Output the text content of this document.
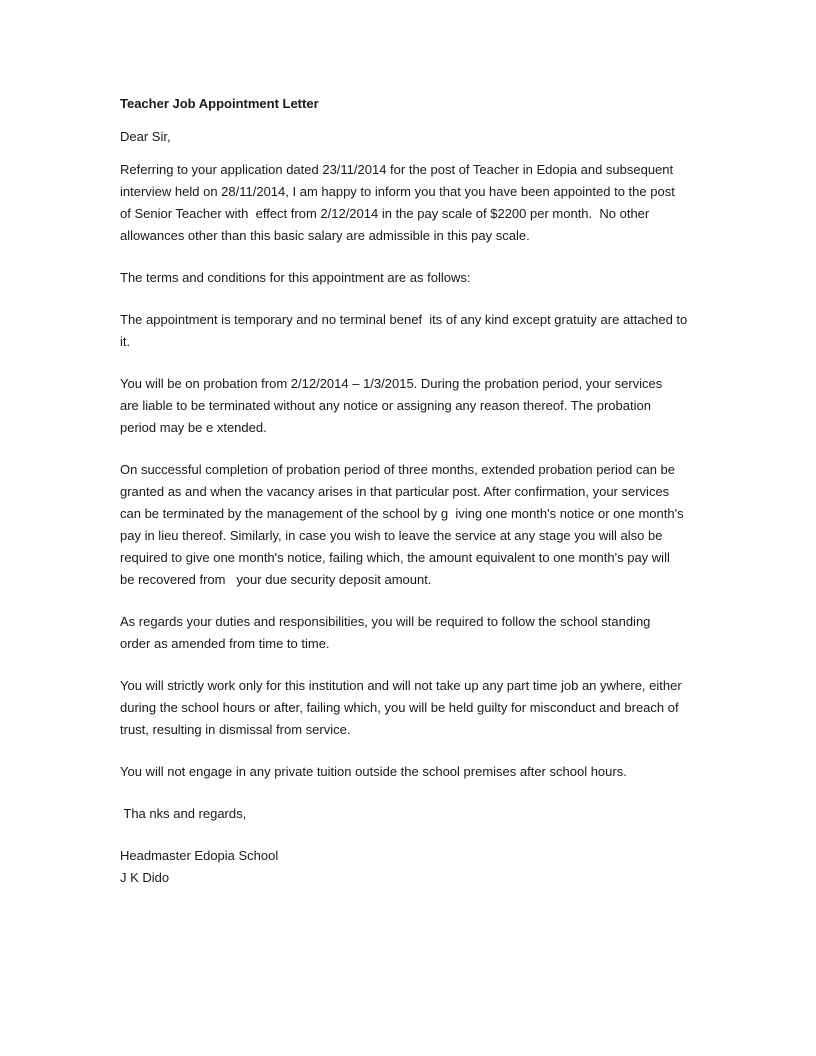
Teacher Job Appointment Letter
Dear Sir,
Referring to your application dated 23/11/2014 for the post of Teacher in Edopia and subsequent
interview held on 28/11/2014, I am happy to inform you that you have been appointed to the post
of Senior Teacher with  effect from 2/12/2014 in the pay scale of $2200 per month.  No other
allowances other than this basic salary are admissible in this pay scale.
The terms and conditions for this appointment are as follows:
The appointment is temporary and no terminal benef  its of any kind except gratuity are attached to
it.
You will be on probation from 2/12/2014 – 1/3/2015. During the probation period, your services
are liable to be terminated without any notice or assigning any reason thereof. The probation
period may be e xtended.
On successful completion of probation period of three months, extended probation period can be
granted as and when the vacancy arises in that particular post. After confirmation, your services
can be terminated by the management of the school by g  iving one month's notice or one month's
pay in lieu thereof. Similarly, in case you wish to leave the service at any stage you will also be
required to give one month's notice, failing which, the amount equivalent to one month's pay will
be recovered from   your due security deposit amount.
As regards your duties and responsibilities, you will be required to follow the school standing
order as amended from time to time.
You will strictly work only for this institution and will not take up any part time job an ywhere, either
during the school hours or after, failing which, you will be held guilty for misconduct and breach of
trust, resulting in dismissal from service.
You will not engage in any private tuition outside the school premises after school hours.
Tha nks and regards,
Headmaster Edopia School
J K Dido
